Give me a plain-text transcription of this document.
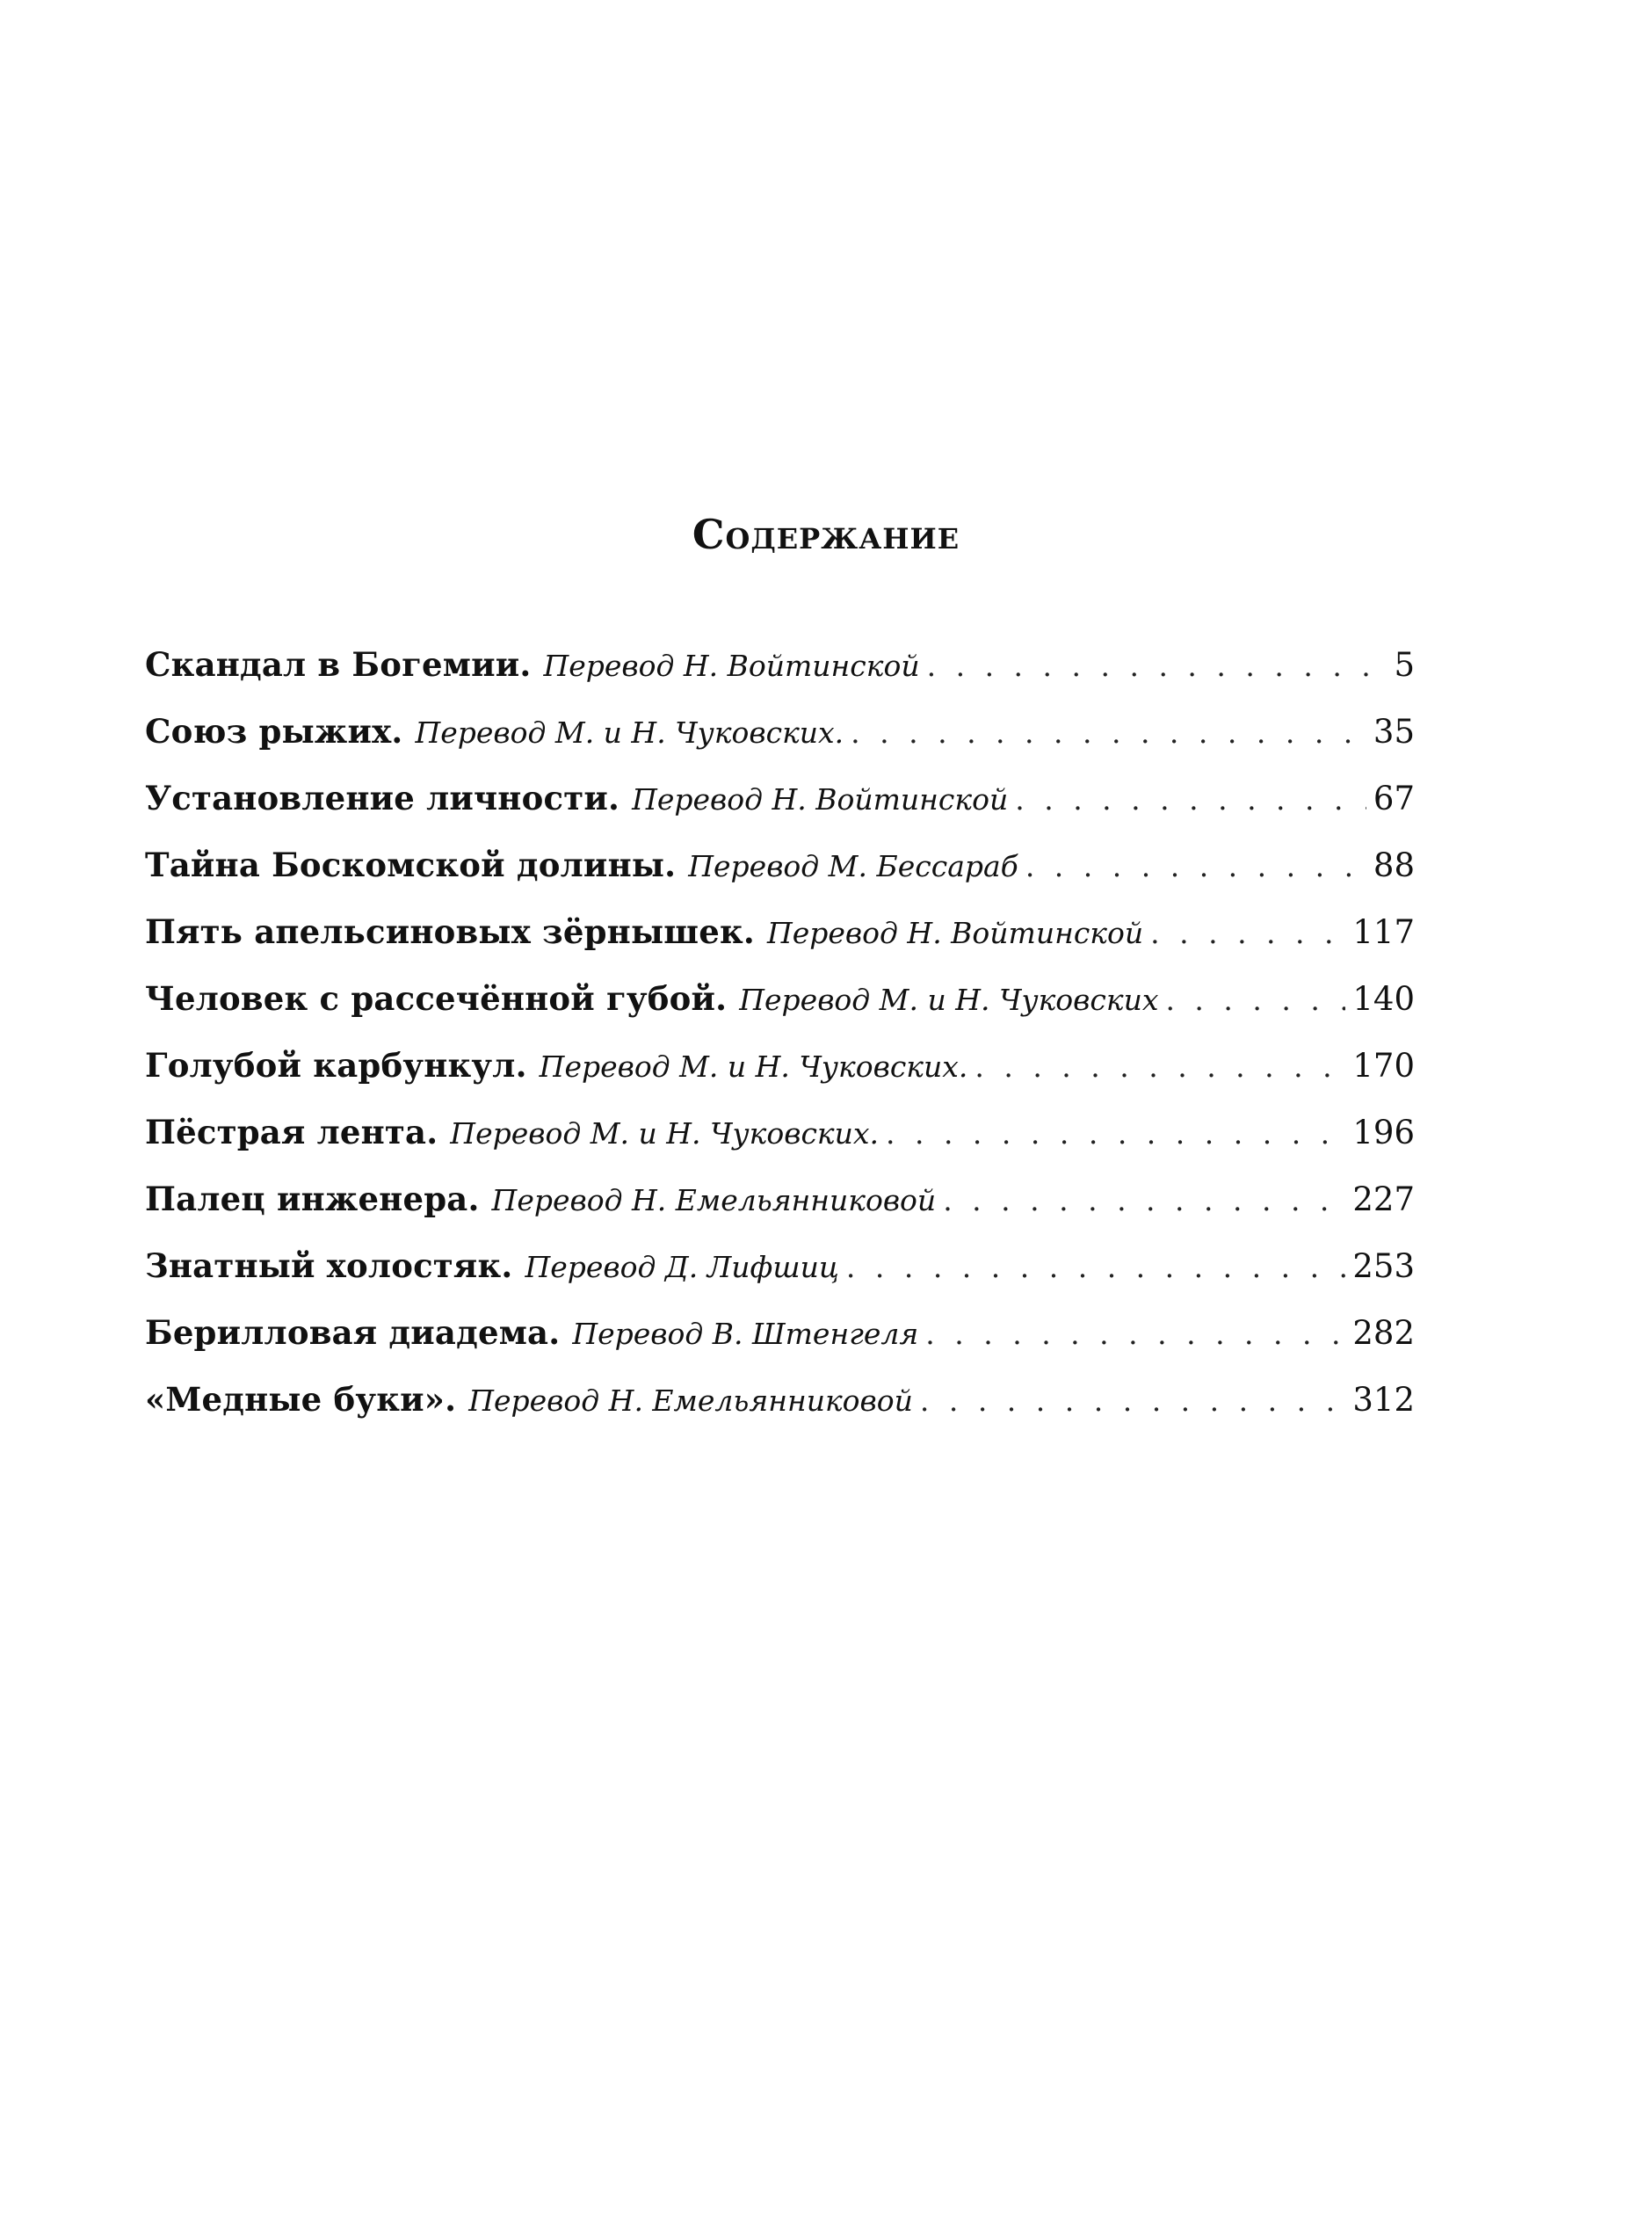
Содержание
Скандал в Богемии. Перевод Н. Войтинской . . .	5
Союз рыжих. Перевод М. и Н. Чуковских. . . .	35
Установление личности. Перевод Н. Войтинской . . .	67
Тайна Боскомской долины. Перевод М. Бессараб . . .	88
Пять апельсиновых зёрнышек. Перевод Н. Войтинской . . .	117
Человек с рассечённой губой. Перевод М. и Н. Чуковских . . .	140
Голубой карбункул. Перевод М. и Н. Чуковских. . . .	170
Пёстрая лента. Перевод М. и Н. Чуковских. . . .	196
Палец инженера. Перевод Н. Емельянниковой . . .	227
Знатный холостяк. Перевод Д. Лифшиц . . .	253
Берилловая диадема. Перевод В. Штенгеля . . .	282
«Медные буки». Перевод Н. Емельянниковой . . .	312
